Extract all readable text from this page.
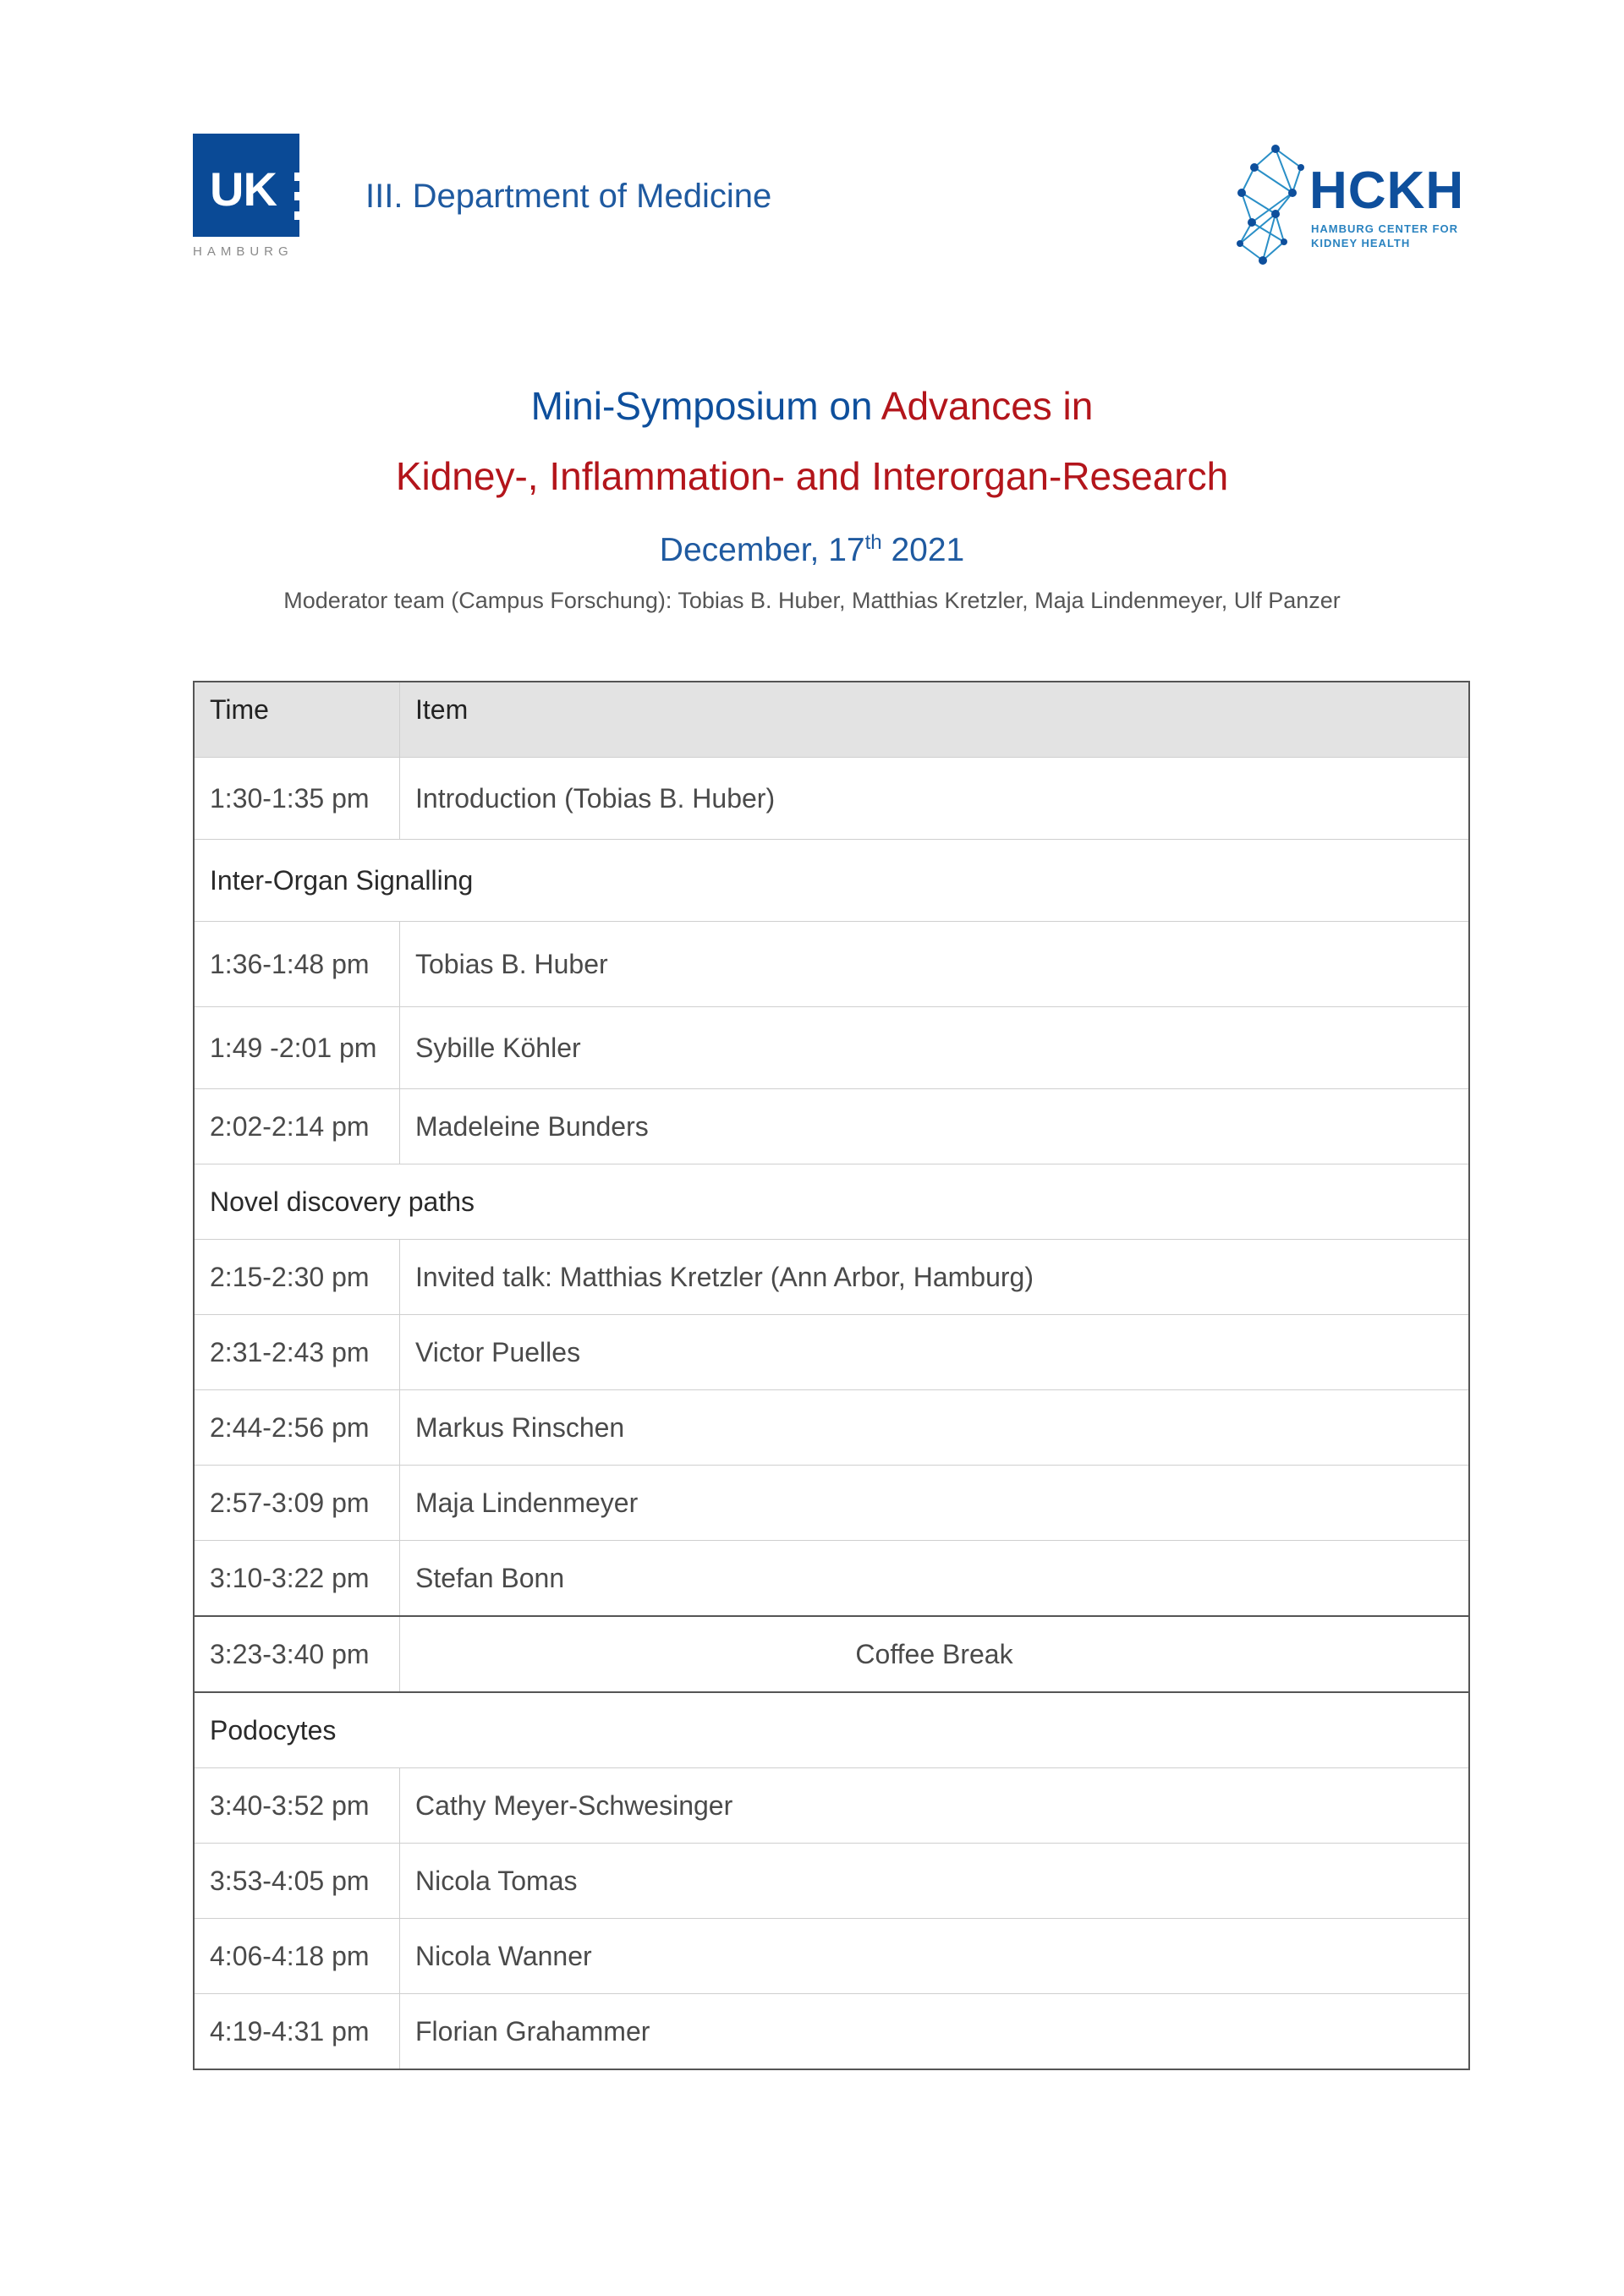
UK
HAMBURG
III. Department of Medicine	HCKH
HAMBURG CENTER FOR
KIDNEY HEALTH
Mini-Symposium on Advances in
Kidney-, Inflammation- and Interorgan-Research
December, 17th 2021
Moderator team (Campus Forschung): Tobias B. Huber, Matthias Kretzler, Maja Lindenmeyer, Ulf Panzer
Time	Item
1:30-1:35 pm	Introduction (Tobias B. Huber)
Inter-Organ Signalling	
1:36-1:48 pm	Tobias B. Huber
1:49 -2:01 pm	Sybille Köhler
2:02-2:14 pm	Madeleine Bunders
Novel discovery paths	
2:15-2:30 pm	Invited talk: Matthias Kretzler (Ann Arbor, Hamburg)
2:31-2:43 pm	Victor Puelles
2:44-2:56 pm	Markus Rinschen
2:57-3:09 pm	Maja Lindenmeyer
3:10-3:22 pm	Stefan Bonn
3:23-3:40 pm	Coffee Break
Podocytes	
3:40-3:52 pm	Cathy Meyer-Schwesinger
3:53-4:05 pm	Nicola Tomas
4:06-4:18 pm	Nicola Wanner
4:19-4:31 pm	Florian Grahammer
